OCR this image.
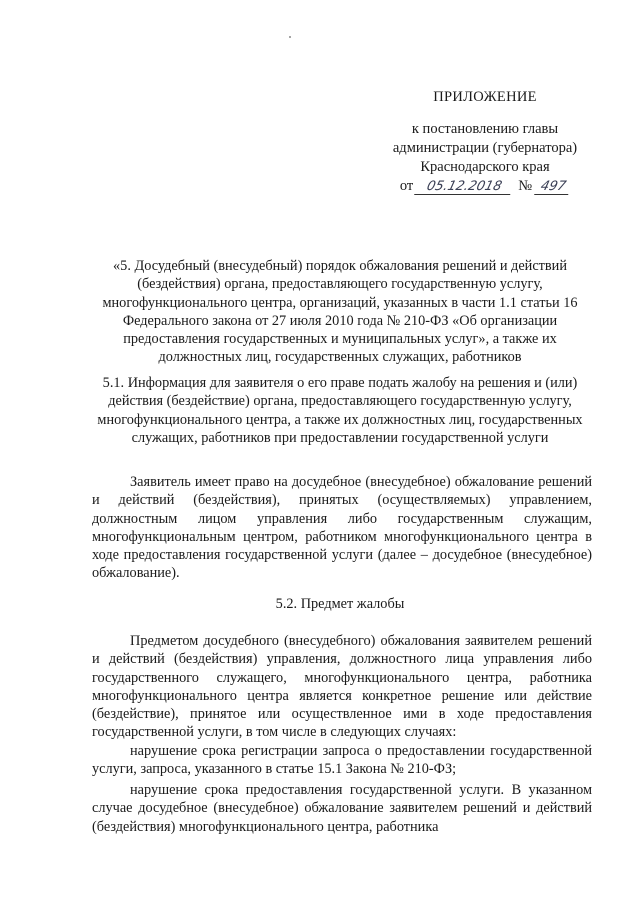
ПРИЛОЖЕНИЕ
к постановлению главы
администрации (губернатора)
Краснодарского края
от 05.12.2018	№ 497
«5. Досудебный (внесудебный) порядок обжалования решений и действий (бездействия) органа, предоставляющего государственную услугу, многофункционального центра, организаций, указанных в части 1.1 статьи 16 Федерального закона от 27 июля 2010 года № 210-ФЗ «Об организации предоставления государственных и муниципальных услуг», а также их должностных лиц, государственных служащих, работников
5.1. Информация для заявителя о его праве подать жалобу на решения и (или) действия (бездействие) органа, предоставляющего государственную услугу, многофункционального центра, а также их должностных лиц, государственных служащих, работников при предоставлении государственной услуги

Заявитель имеет право на досудебное (внесудебное) обжалование решений и действий (бездействия), принятых (осуществляемых) управлением, должностным лицом управления либо государственным служащим, многофункциональным центром, работником многофункционального центра в ходе предоставления государственной услуги (далее – досудебное (внесудебное) обжалование).

5.2. Предмет жалобы

Предметом досудебного (внесудебного) обжалования заявителем решений и действий (бездействия) управления, должностного лица управления либо государственного служащего, многофункционального центра, работника многофункционального центра является конкретное решение или действие (бездействие), принятое или осуществленное ими в ходе предоставления государственной услуги, в том числе в следующих случаях:

нарушение срока регистрации запроса о предоставлении государственной услуги, запроса, указанного в статье 15.1 Закона № 210-ФЗ;

нарушение срока предоставления государственной услуги. В указанном случае досудебное (внесудебное) обжалование заявителем решений и действий (бездействия) многофункционального центра, работника
